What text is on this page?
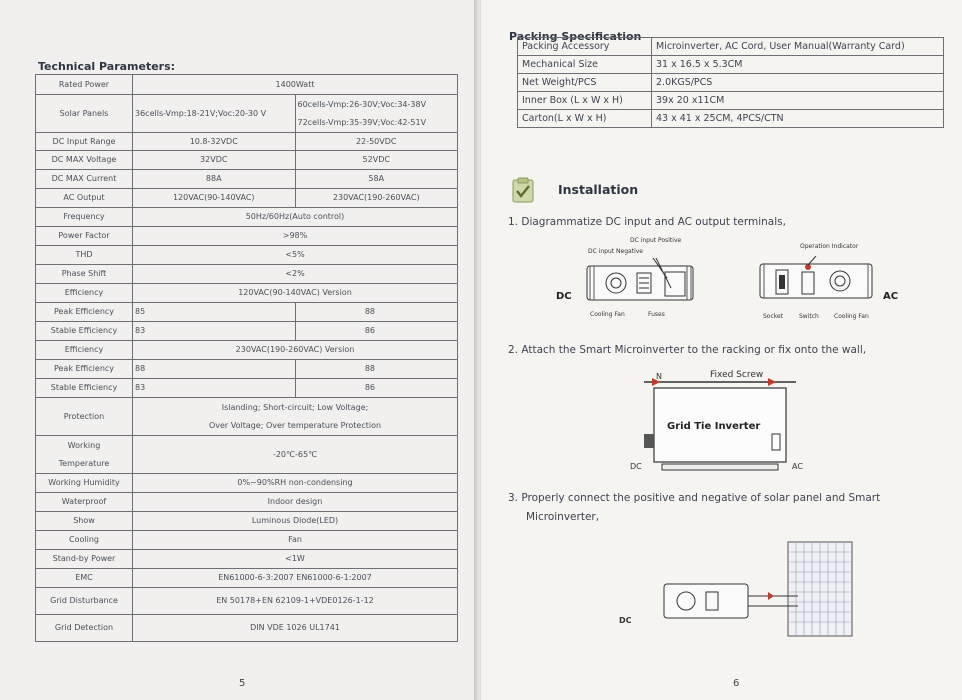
Technical Parameters:
Rated Power	1400Watt	
Solar Panels	36cells-Vmp:18-21V;Voc:20-30 V	60cells-Vmp:26-30V;Voc:34-38V
72cells-Vmp:35-39V;Voc:42-51V

DC Input Range	10.8-32VDC	22-50VDC
DC MAX Voltage	32VDC	52VDC
DC MAX Current	88A	58A
AC Output	120VAC(90-140VAC)	230VAC(190-260VAC)
Frequency	50Hz/60Hz(Auto control)	
Power Factor	>98%	
THD	<5%	
Phase Shift	<2%	
Efficiency	120VAC(90-140VAC) Version	
Peak Efficiency	85	88
Stable Efficiency	83	86
Efficiency	230VAC(190-260VAC) Version	
Peak Efficiency	88	88
Stable Efficiency	83	86
Protection	Islanding; Short-circuit; Low Voltage;
Over Voltage; Over temperature Protection	

Working
Temperature	-20℃-65℃	
Working Humidity	0%~90%RH non-condensing	
Waterproof	Indoor design	
Show	Luminous Diode(LED)	
Cooling	Fan	
Stand-by Power	<1W	
EMC	EN61000-6-3:2007 EN61000-6-1:2007	
Grid Disturbance	EN 50178+EN 62109-1+VDE0126-1-12	
Grid Detection	DIN VDE 1026 UL1741	
5
Packing Specification
Packing Accessory	Microinverter, AC Cord, User Manual(Warranty Card)
Mechanical Size	31 x 16.5 x 5.3CM
Net Weight/PCS	2.0KGS/PCS
Inner Box (L x W x H)	39x 20 x11CM
Carton(L x W x H)	43 x 41 x 25CM, 4PCS/CTN
Installation
1. Diagrammatize DC input and AC output terminals,
DC input Positive
DC input Negative
DC
Cooling Fan	Fuses
Operation Indicator
AC
Socket	Switch	Cooling Fan
2. Attach the Smart Microinverter to the racking or fix onto the wall,
N	Fixed Screw
Grid Tie Inverter
DC	AC
3. Properly connect the positive and negative of solar panel and Smart
Microinverter,
DC
6
